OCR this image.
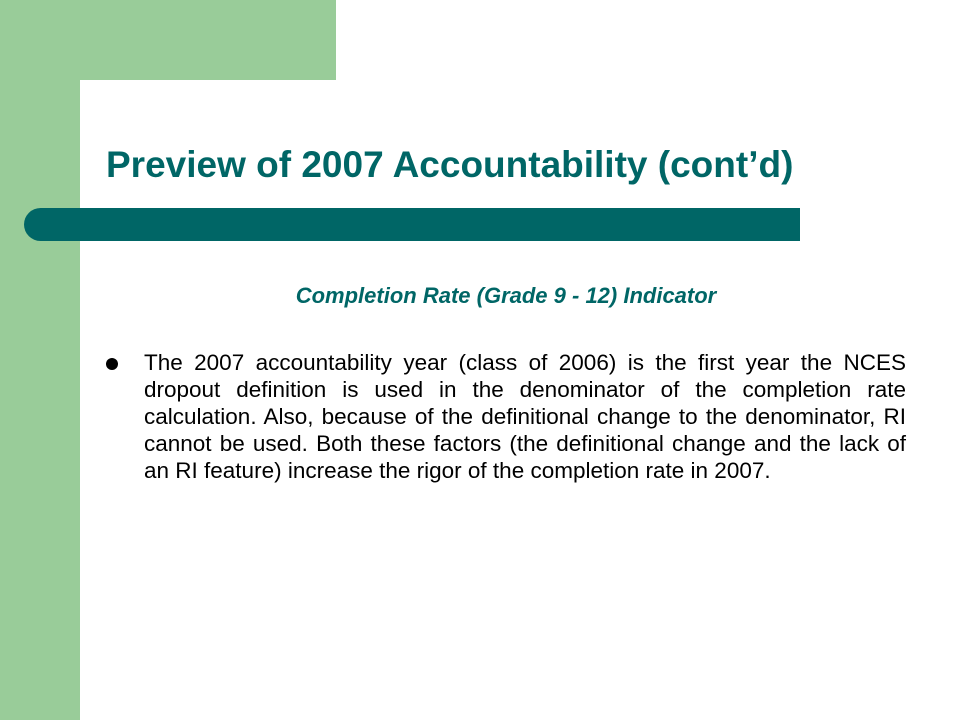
Preview of 2007 Accountability (cont’d)
Completion Rate (Grade 9 - 12) Indicator
The 2007 accountability year (class of 2006) is the first year the NCES dropout definition is used in the denominator of the completion rate calculation. Also, because of the definitional change to the denominator, RI cannot be used. Both these factors (the definitional change and the lack of an RI feature) increase the rigor of the completion rate in 2007.
